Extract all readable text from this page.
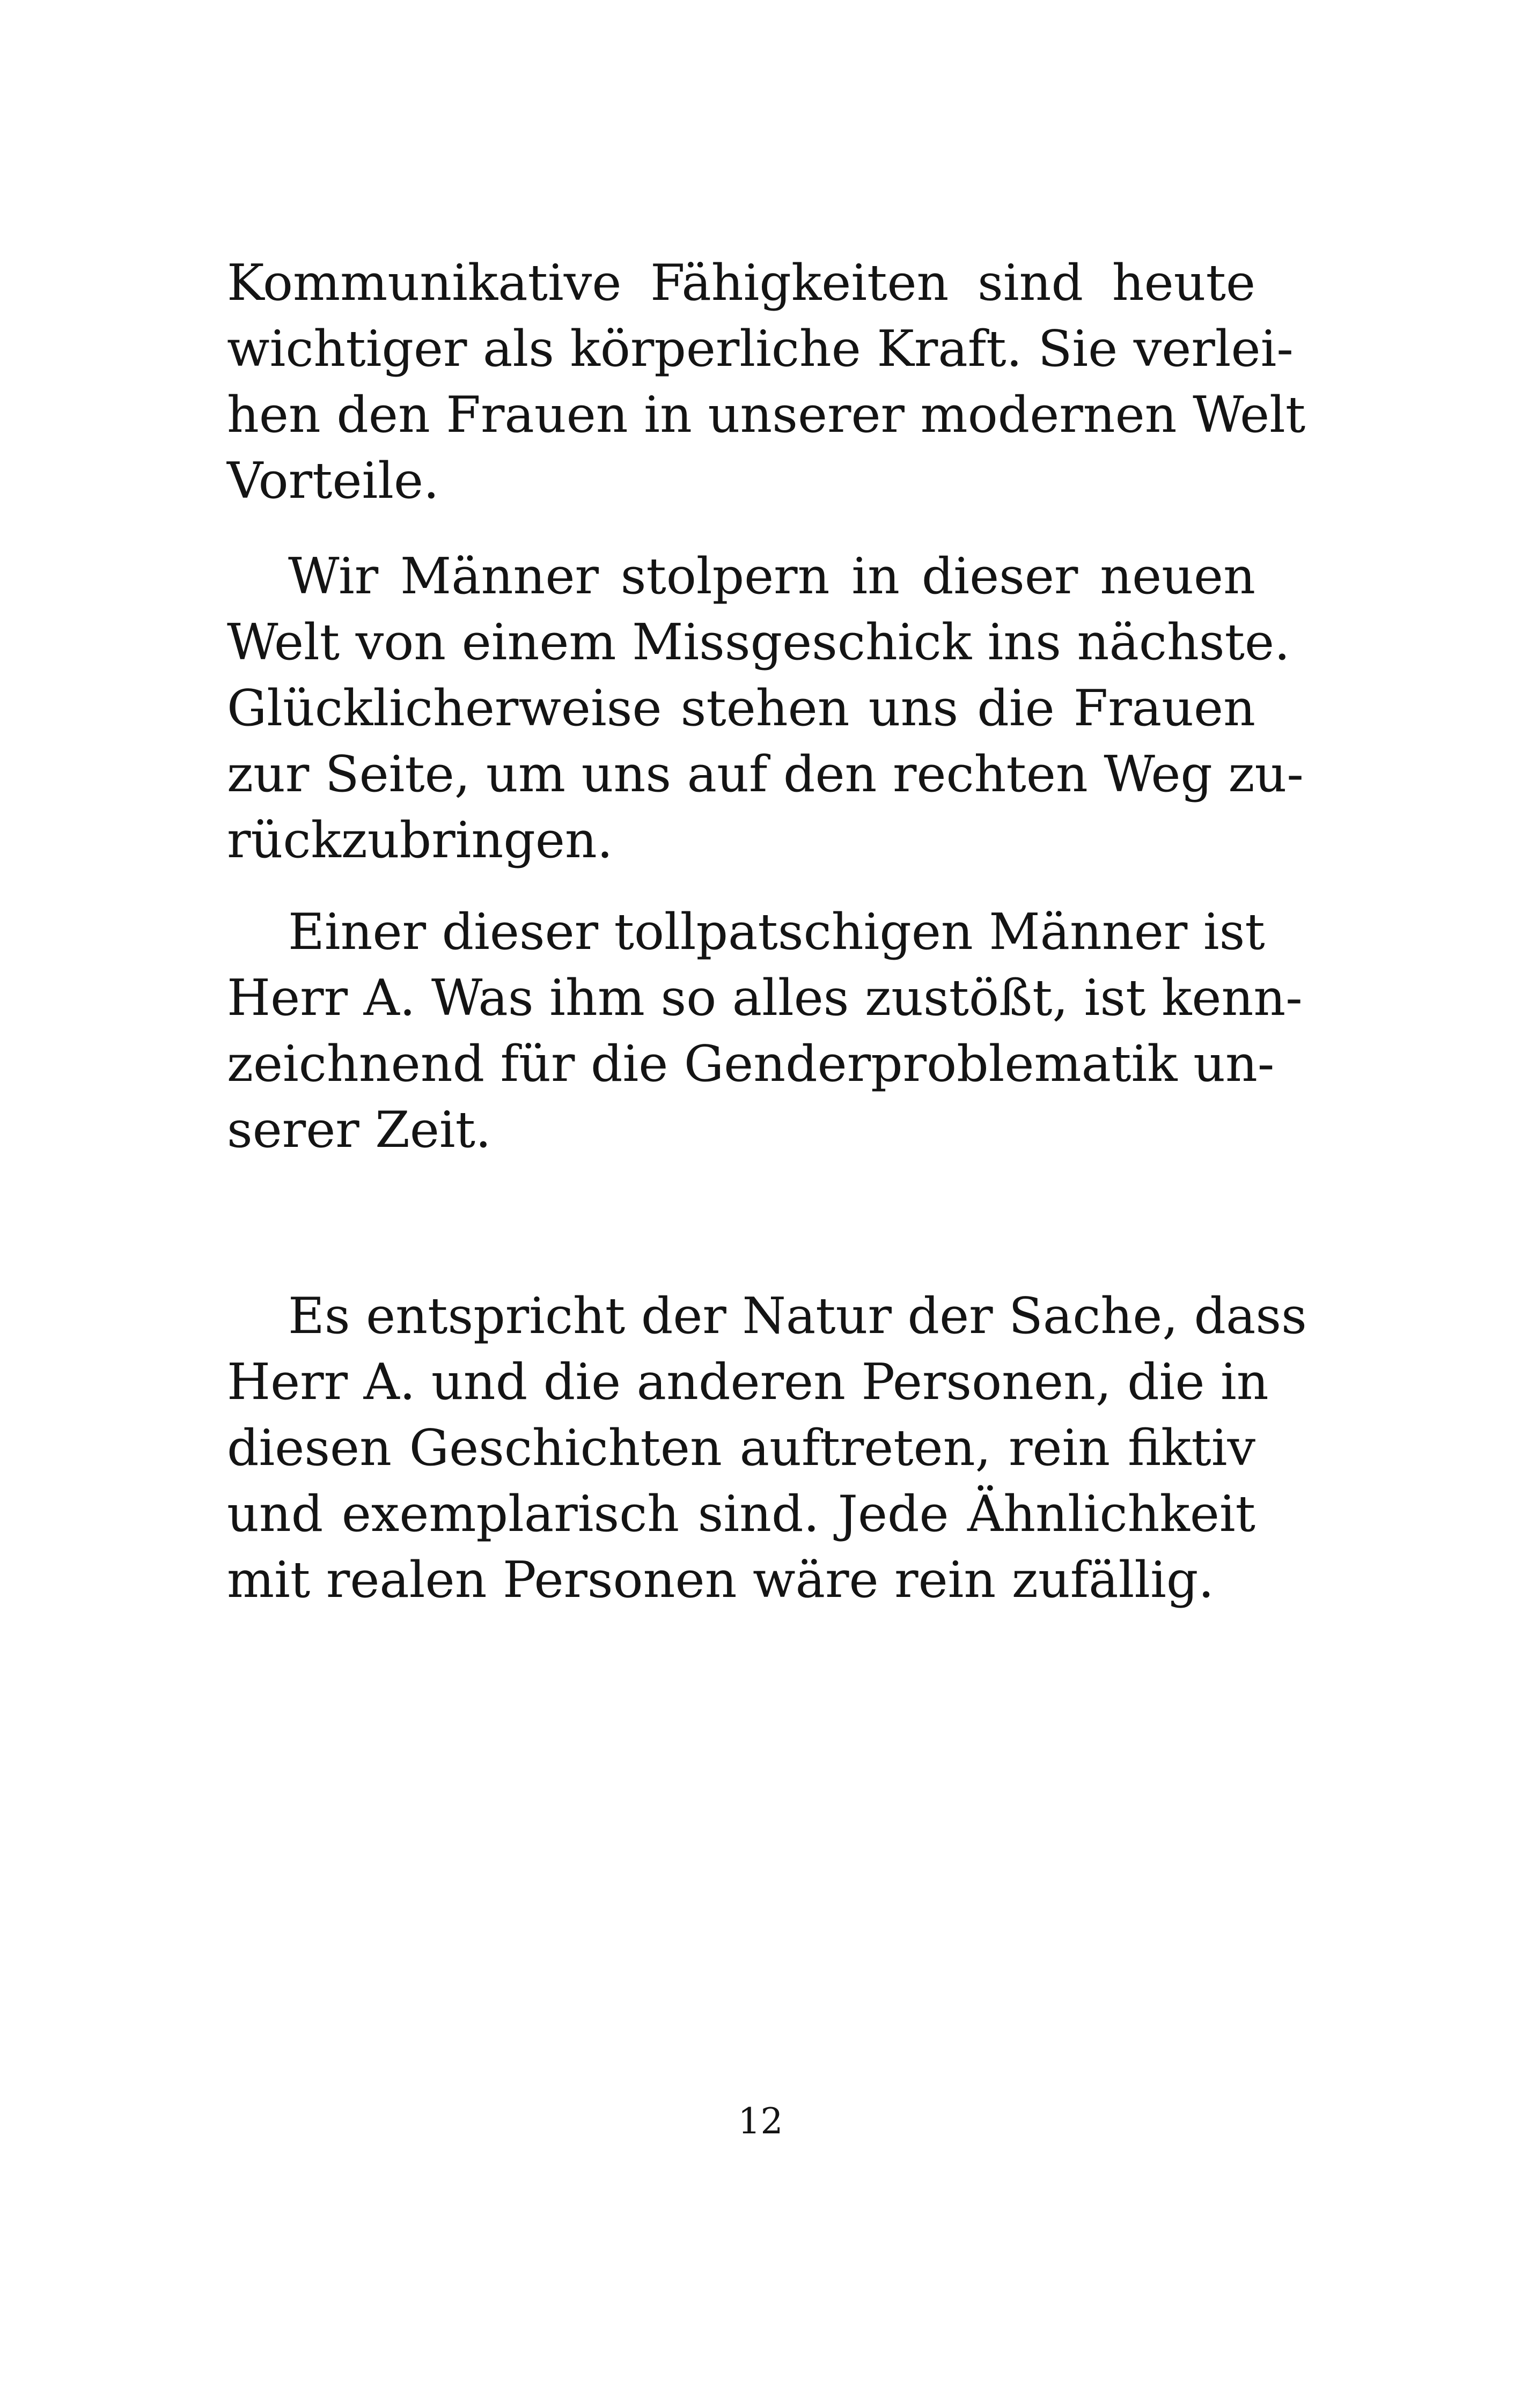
Kommunikative Fähigkeiten sind heute
wichtiger als körperliche Kraft. Sie verlei-
hen den Frauen in unserer modernen Welt
Vorteile.
Wir Männer stolpern in dieser neuen
Welt von einem Missgeschick ins nächste.
Glücklicherweise stehen uns die Frauen
zur Seite, um uns auf den rechten Weg zu-
rückzubringen.
Einer dieser tollpatschigen Männer ist
Herr A. Was ihm so alles zustößt, ist kenn-
zeichnend für die Genderproblematik un-
serer Zeit.
Es entspricht der Natur der Sache, dass
Herr A. und die anderen Personen, die in
diesen Geschichten auftreten, rein fiktiv
und exemplarisch sind. Jede Ähnlichkeit
mit realen Personen wäre rein zufällig.
12
